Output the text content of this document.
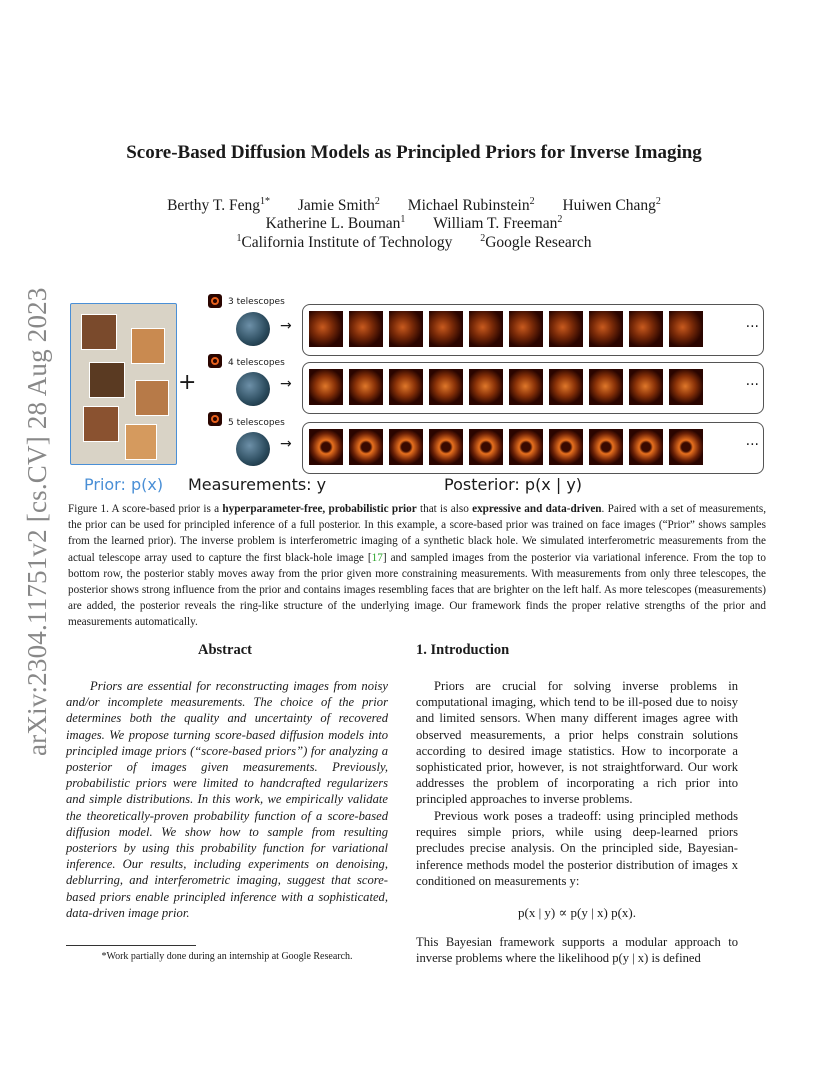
arXiv:2304.11751v2 [cs.CV] 28 Aug 2023
Score-Based Diffusion Models as Principled Priors for Inverse Imaging
Berthy T. Feng$^{1*}$ Jamie Smith$^2$ Michael Rubinstein$^2$ Huiwen Chang$^2$
Katherine L. Bouman$^1$ William T. Freeman$^2$
$^1$California Institute of Technology	$^2$Google Research
+
3 telescopes
→	···
4 telescopes
→	···
5 telescopes
→	···
Prior: p(x) Measurements: y	Posterior: p(x | y)
Figure 1. A score-based prior is a hyperparameter-free, probabilistic prior that is also expressive and data-driven. Paired with a set of measurements, the prior can be used for principled inference of a full posterior. In this example, a score-based prior was trained on face images (“Prior” shows samples from the learned prior). The inverse problem is interferometric imaging of a synthetic black hole. We simulated interferometric measurements from the actual telescope array used to capture the first black-hole image [17] and sampled images from the posterior via variational inference. From the top to bottom row, the posterior stably moves away from the prior given more constraining measurements. With measurements from only three telescopes, the posterior shows strong influence from the prior and contains images resembling faces that are brighter on the left half. As more telescopes (measurements) are added, the posterior reveals the ring-like structure of the underlying image. Our framework finds the proper relative strengths of the prior and measurements automatically.
Abstract
Priors are essential for reconstructing images from noisy and/or incomplete measurements. The choice of the prior determines both the quality and uncertainty of recovered images. We propose turning score-based diffusion models into principled image priors (“score-based priors”) for analyzing a posterior of images given measurements. Previously, probabilistic priors were limited to handcrafted regularizers and simple distributions. In this work, we empirically validate the theoretically-proven probability function of a score-based diffusion model. We show how to sample from resulting posteriors by using this probability function for variational inference. Our results, including experiments on denoising, deblurring, and interferometric imaging, suggest that score-based priors enable principled inference with a sophisticated, data-driven image prior.
1. Introduction
Priors are crucial for solving inverse problems in computational imaging, which tend to be ill-posed due to noisy and limited sensors. When many different images agree with observed measurements, a prior helps constrain solutions according to desired image statistics. How to incorporate a sophisticated prior, however, is not straightforward. Our work addresses the problem of incorporating a rich prior into principled approaches to inverse problems.
Previous work poses a tradeoff: using principled methods requires simple priors, while using deep-learned priors precludes precise analysis. On the principled side, Bayesian-inference methods model the posterior distribution of images x conditioned on measurements y:
p(x | y) ∝ p(y | x) p(x).
This Bayesian framework supports a modular approach to inverse problems where the likelihood p(y | x) is defined
*Work partially done during an internship at Google Research.
